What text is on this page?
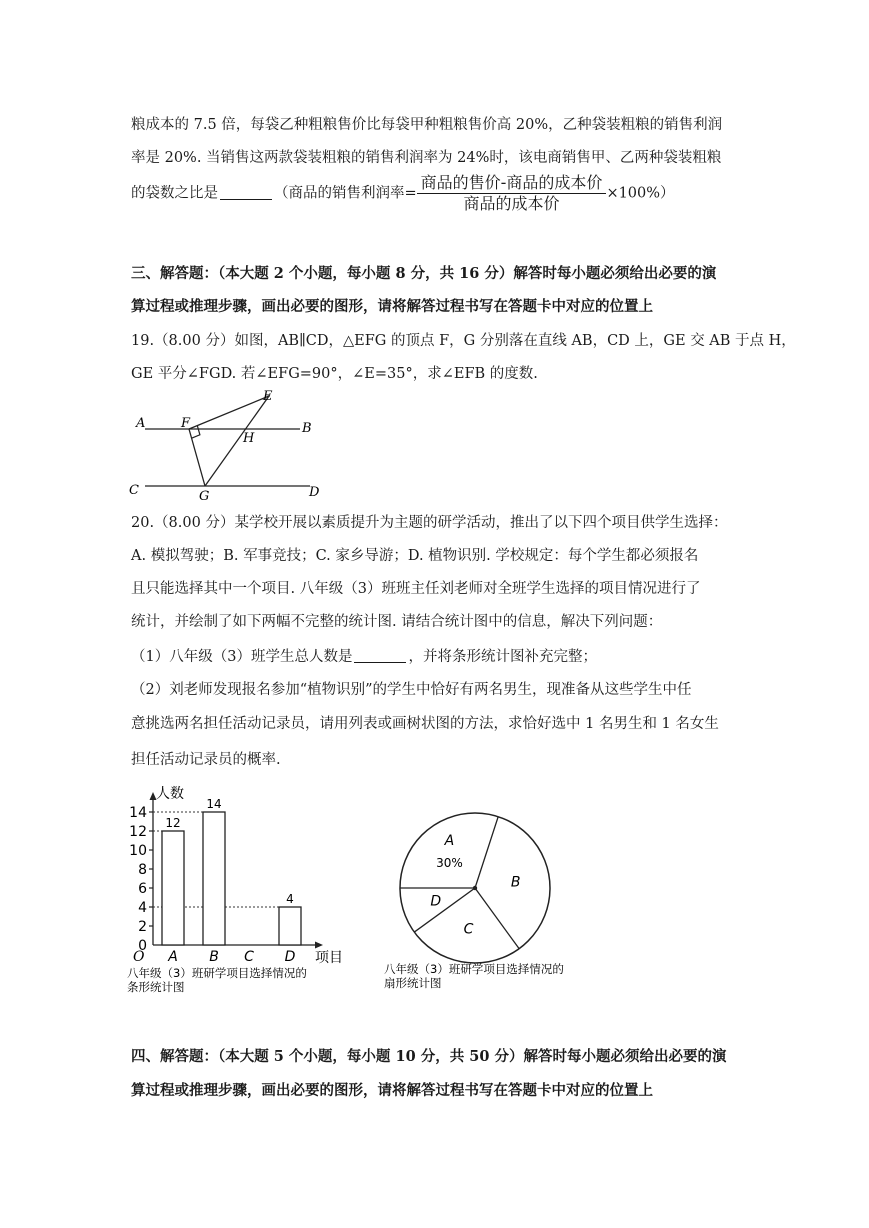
粮成本的 7.5 倍，每袋乙种粗粮售价比每袋甲种粗粮售价高 20%，乙种袋装粗粮的销售利润
率是 20%. 当销售这两款袋装粗粮的销售利润率为 24%时，该电商销售甲、乙两种袋装粗粮
的袋数之比是	（商品的销售利润率= $\frac{\text{商品的售价-商品的成本价}}{\text{商品的成本价}} \times 100\%$）
三、解答题：（本大题 2 个小题，每小题 8 分，共 16 分）解答时每小题必须给出必要的演
算过程或推理步骤，画出必要的图形，请将解答过程书写在答题卡中对应的位置上
19.（8.00 分）如图，AB∥CD，△EFG 的顶点 F，G 分别落在直线 AB，CD 上，GE 交 AB 于点 H，
GE 平分∠FGD. 若∠EFG=90°，∠E=35°，求∠EFB 的度数.
A	F
E
H
B
C	G	D
20.（8.00 分）某学校开展以素质提升为主题的研学活动，推出了以下四个项目供学生选择：
A. 模拟驾驶；B. 军事竞技；C. 家乡导游；D. 植物识别. 学校规定：每个学生都必须报名
且只能选择其中一个项目. 八年级（3）班班主任刘老师对全班学生选择的项目情况进行了
统计，并绘制了如下两幅不完整的统计图. 请结合统计图中的信息，解决下列问题：
（1）八年级（3）班学生总人数是	，并将条形统计图补充完整；
（2）刘老师发现报名参加“植物识别”的学生中恰好有两名男生，现准备从这些学生中任
意挑选两名担任活动记录员，请用列表或画树状图的方法，求恰好选中 1 名男生和 1 名女生
担任活动记录员的概率.
人数
项目
O
0
2
4
6
8
10
12
14
12
14
4
A B C D
八年级（3）班研学项目选择情况的
条形统计图
A
30%
B
C
D
八年级（3）班研学项目选择情况的
扇形统计图
四、解答题：（本大题 5 个小题，每小题 10 分，共 50 分）解答时每小题必须给出必要的演
算过程或推理步骤，画出必要的图形，请将解答过程书写在答题卡中对应的位置上
